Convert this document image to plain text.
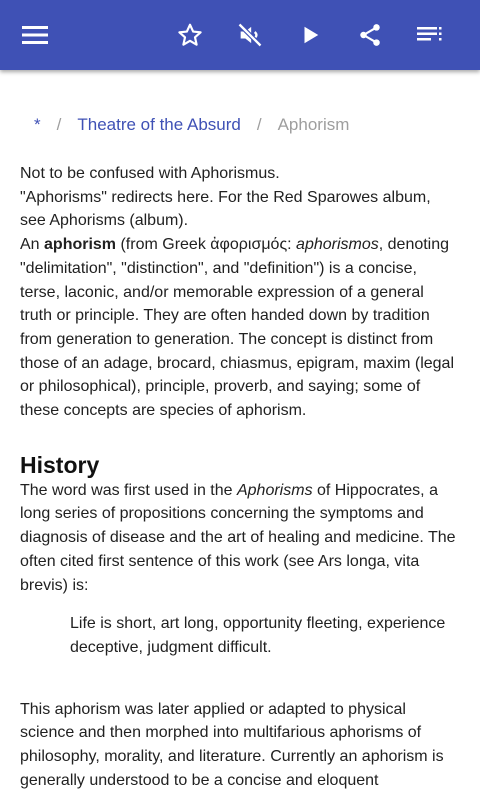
* / Theatre of the Absurd / Aphorism

Not to be confused with Aphorismus.
"Aphorisms" redirects here. For the Red Sparowes album, see Aphorisms (album).
An aphorism (from Greek ἀφορισμός: aphorismos, denoting "delimitation", "distinction", and "definition") is a concise, terse, laconic, and/or memorable expression of a general truth or principle. They are often handed down by tradition from generation to generation. The concept is distinct from those of an adage, brocard, chiasmus, epigram, maxim (legal or philosophical), principle, proverb, and saying; some of these concepts are species of aphorism.

History

The word was first used in the Aphorisms of Hippocrates, a long series of propositions concerning the symptoms and diagnosis of disease and the art of healing and medicine. The often cited first sentence of this work (see Ars longa, vita brevis) is:

Life is short, art long, opportunity fleeting, experience deceptive, judgment difficult.

This aphorism was later applied or adapted to physical science and then morphed into multifarious aphorisms of philosophy, morality, and literature. Currently an aphorism is generally understood to be a concise and eloquent
